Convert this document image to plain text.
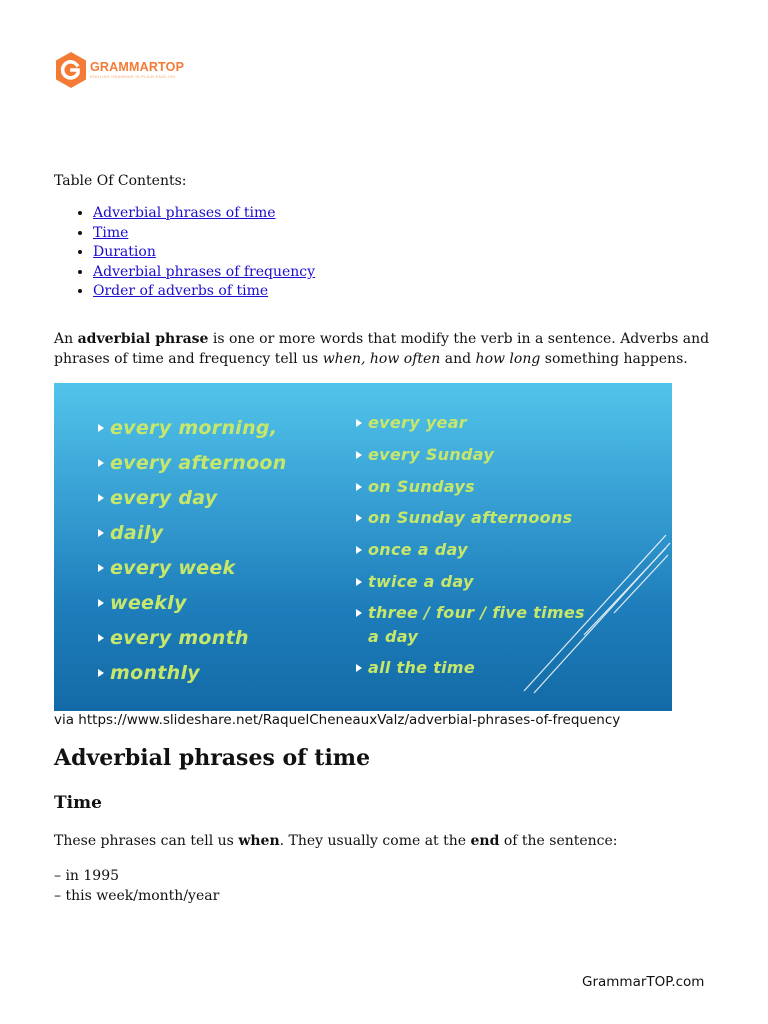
GRAMMARTOP
ENGLISH GRAMMAR IS PLAIN ENGLISH
Table Of Contents:
• Adverbial phrases of time
• Time
• Duration
• Adverbial phrases of frequency
• Order of adverbs of time

An adverbial phrase is one or more words that modify the verb in a sentence. Adverbs and phrases of time and frequency tell us when, how often and how long something happens.

every morning,
every afternoon
every day
daily
every week
weekly
every month
monthly
every year
every Sunday
on Sundays
on Sunday afternoons
once a day
twice a day
three / four / five times
a day
all the time
via https://www.slideshare.net/RaquelCheneauxValz/adverbial-phrases-of-frequency
Adverbial phrases of time
Time
These phrases can tell us when. They usually come at the end of the sentence:
– in 1995
– this week/month/year
GrammarTOP.com
